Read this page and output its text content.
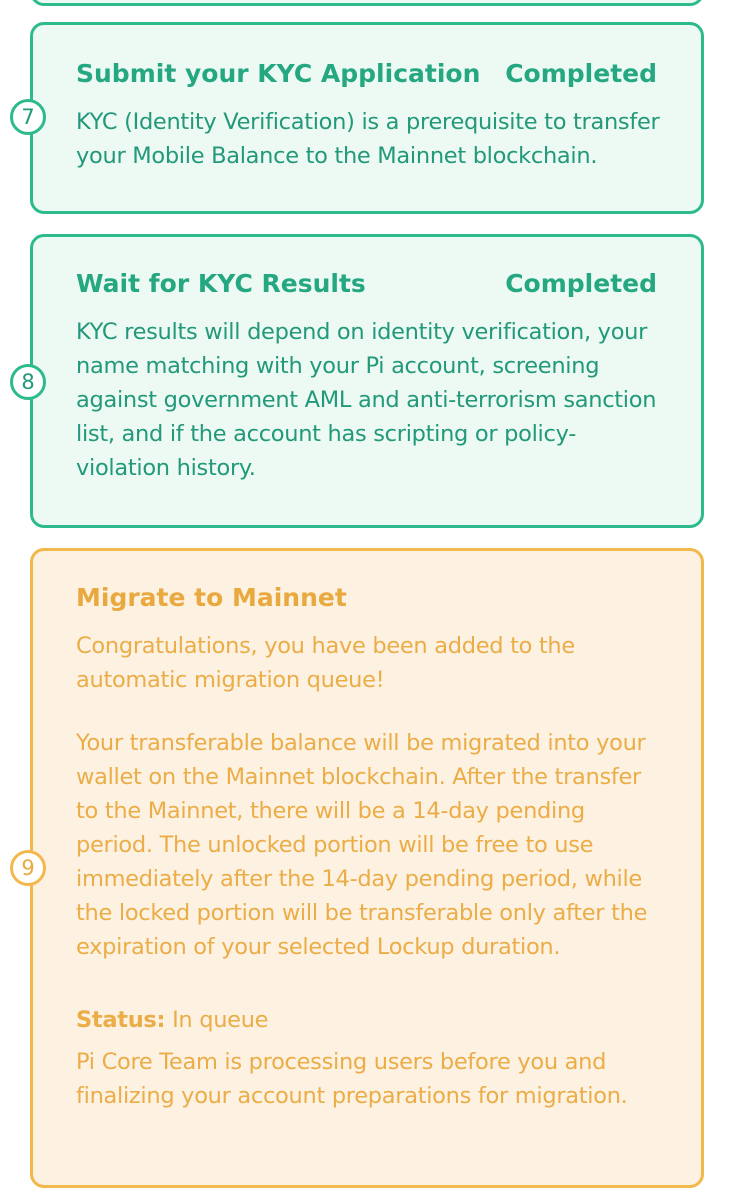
Submit your KYC Application Completed
KYC (Identity Verification) is a prerequisite to transfer your Mobile Balance to the Mainnet blockchain.
7
Wait for KYC Results	Completed
KYC results will depend on identity verification, your name matching with your Pi account, screening against government AML and anti-terrorism sanction list, and if the account has scripting or policy-violation history.
8
Migrate to Mainnet
Congratulations, you have been added to the automatic migration queue!
Your transferable balance will be migrated into your wallet on the Mainnet blockchain. After the transfer to the Mainnet, there will be a 14-day pending period. The unlocked portion will be free to use immediately after the 14-day pending period, while the locked portion will be transferable only after the expiration of your selected Lockup duration.
Status: In queue
Pi Core Team is processing users before you and finalizing your account preparations for migration.
9
